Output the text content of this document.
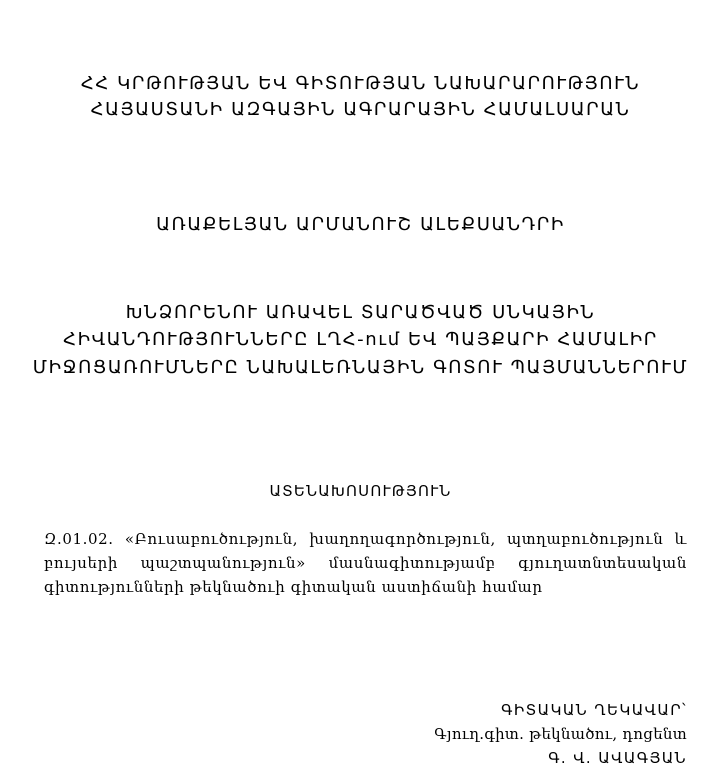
ՀՀ ԿՐԹՈՒԹՅԱՆ ԵՎ ԳԻՏՈՒԹՅԱՆ ՆԱԽԱՐԱՐՈՒԹՅՈՒՆ
ՀԱՅԱՍՏԱՆԻ ԱԶԳԱՅԻՆ ԱԳՐԱՐԱՅԻՆ ՀԱՄԱԼՍԱՐԱՆ
ԱՌԱՔԵԼՅԱՆ ԱՐՄԱՆՈՒՇ ԱԼԵՔՍԱՆԴՐԻ
ԽՆՁՈՐԵՆՈՒ ԱՌԱՎԵԼ ՏԱՐԱԾՎԱԾ ՍՆԿԱՅԻՆ
ՀԻՎԱՆԴՈՒԹՅՈՒՆՆԵՐԸ ԼՂՀ-ում ԵՎ ՊԱՅՔԱՐԻ ՀԱՄԱԼԻՐ
ՄԻՋՈՑԱՌՈՒՄՆԵՐԸ ՆԱԽԱԼԵՌՆԱՅԻՆ ԳՈՏՈՒ ՊԱՅՄԱՆՆԵՐՈՒՄ
ԱՏԵՆԱԽՈՍՈՒԹՅՈՒՆ
Զ.01.02. «Բուսաբուծություն, խաղողագործություն, պտղաբուծություն և բույսերի պաշտպանություն» մասնագիտությամբ գյուղատնտեսական գիտությունների թեկնածուի գիտական աստիճանի համար
ԳԻՏԱԿԱՆ ՂԵԿԱՎԱՐ՝
Գյուղ.գիտ. թեկնածու, դոցենտ
Գ. Վ. ԱՎԱԳՅԱՆ
